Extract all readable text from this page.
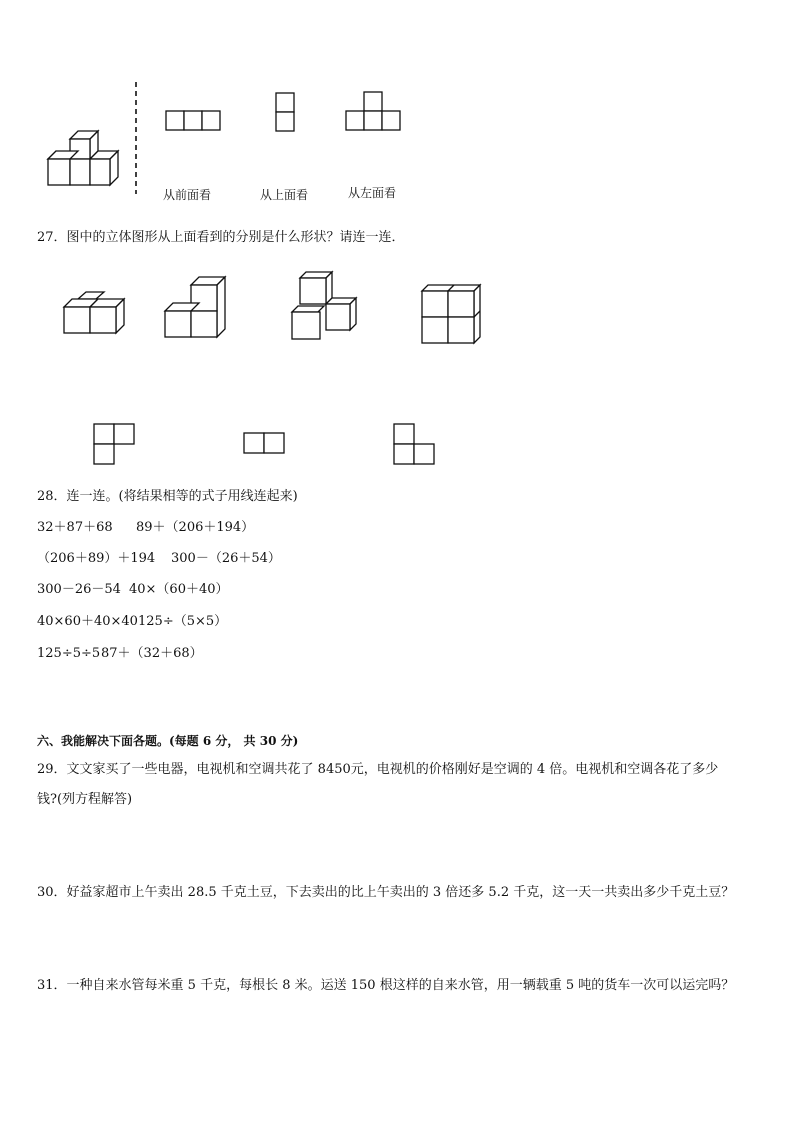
从前面看	从上面看	从左面看
27．图中的立体图形从上面看到的分别是什么形状？请连一连．
28．连一连。(将结果相等的式子用线连起来)
32＋87＋68 89＋（206＋194）
（206＋89）＋194 300－（26＋54）
300－26－54 40×（60＋40）
40×60＋40×40 125÷（5×5）
125÷5÷5 87＋（32＋68）
六、我能解决下面各题。(每题 6 分， 共 30 分)
29．文文家买了一些电器，电视机和空调共花了 8450元，电视机的价格刚好是空调的 4 倍。电视机和空调各花了多少
钱?(列方程解答)
30．好益家超市上午卖出 28.5 千克土豆，下去卖出的比上午卖出的 3 倍还多 5.2 千克，这一天一共卖出多少千克土豆？
31．一种自来水管每米重 5 千克，每根长 8 米。运送 150 根这样的自来水管，用一辆载重 5 吨的货车一次可以运完吗？
